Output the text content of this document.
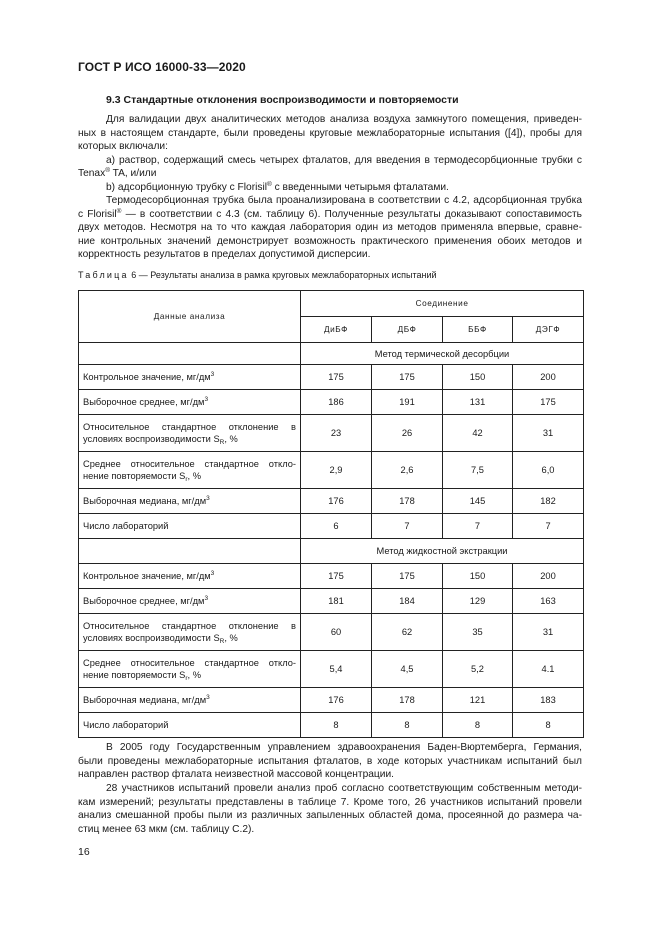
ГОСТ Р ИСО 16000-33—2020
9.3 Стандартные отклонения воспроизводимости и повторяемости
Для валидации двух аналитических методов анализа воздуха замкнутого помещения, приведен-
ных в настоящем стандарте, были проведены круговые межлабораторные испытания ([4]), пробы для
которых включали:
а) раствор, содержащий смесь четырех фталатов, для введения в термодесорбционные трубки с
Tenax® TA, и/или
b) адсорбционную трубку с Florisil® с введенными четырьмя фталатами.
Термодесорбционная трубка была проанализирована в соответствии с 4.2, адсорбционная трубка
с Florisil® — в соответствии с 4.3 (см. таблицу 6). Полученные результаты доказывают сопоставимость
двух методов. Несмотря на то что каждая лаборатория один из методов применяла впервые, сравне-
ние контрольных значений демонстрирует возможность практического применения обоих методов и
корректность результатов в пределах допустимой дисперсии.
Таблица 6 — Результаты анализа в рамка круговых межлабораторных испытаний
Данные анализа	Соединение			
	ДиБФ	ДБФ	ББФ	ДЭГФ
	Метод термической десорбции			
Контрольное значение, $мг/дм^3$	175	175	150	200
Выборочное среднее, $мг/дм^3$	186	191	131	175
Относительное стандартное отклонение в условиях воспроизводимости $S_R$, %	23	26	42	31
Среднее относительное стандартное откло-нение повторяемости $S_r$, %	2,9	2,6	7,5	6,0
Выборочная медиана, $мг/дм^3$	176	178	145	182
Число лабораторий	6	7	7	7
	Метод жидкостной экстракции			
Контрольное значение, $мг/дм^3$	175	175	150	200
Выборочное среднее, $мг/дм^3$	181	184	129	163
Относительное стандартное отклонение в условиях воспроизводимости $S_R$, %	60	62	35	31
Среднее относительное стандартное откло-нение повторяемости $S_r$, %	5,4	4,5	5,2	4.1
Выборочная медиана, $мг/дм^3$	176	178	121	183
Число лабораторий	8	8	8	8
В 2005 году Государственным управлением здравоохранения Баден-Вюртемберга, Германия,
были проведены межлабораторные испытания фталатов, в ходе которых участникам испытаний был
направлен раствор фталата неизвестной массовой концентрации.
28 участников испытаний провели анализ проб согласно соответствующим собственным методи-
кам измерений; результаты представлены в таблице 7. Кроме того, 26 участников испытаний провели
анализ смешанной пробы пыли из различных запыленных областей дома, просеянной до размера ча-
стиц менее 63 мкм (см. таблицу С.2).
16
